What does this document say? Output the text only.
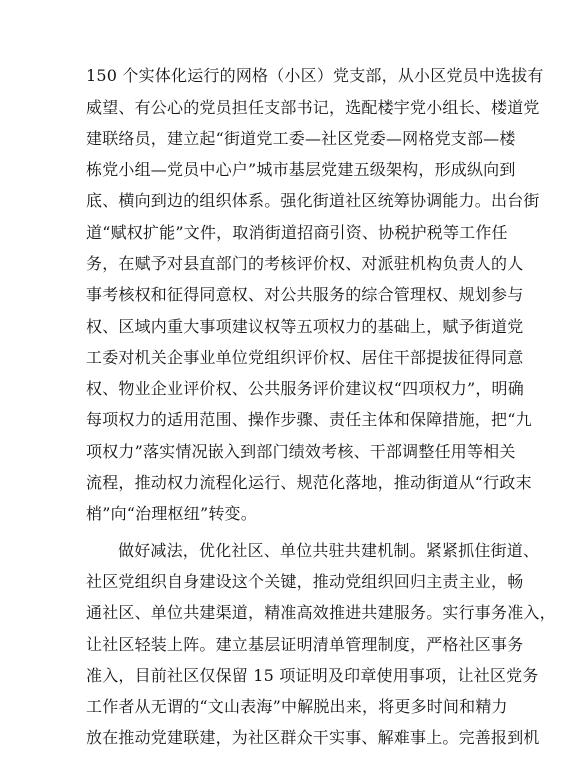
150 个实体化运行的网格（小区）党支部，从小区党员中选拔有
威望、有公心的党员担任支部书记，选配楼宇党小组长、楼道党
建联络员，建立起“街道党工委—社区党委—网格党支部—楼
栋党小组—党员中心户”城市基层党建五级架构，形成纵向到
底、横向到边的组织体系。强化街道社区统筹协调能力。出台街
道“赋权扩能”文件，取消街道招商引资、协税护税等工作任
务，在赋予对县直部门的考核评价权、对派驻机构负责人的人
事考核权和征得同意权、对公共服务的综合管理权、规划参与
权、区域内重大事项建议权等五项权力的基础上，赋予街道党
工委对机关企事业单位党组织评价权、居住干部提拔征得同意
权、物业企业评价权、公共服务评价建议权“四项权力”，明确
每项权力的适用范围、操作步骤、责任主体和保障措施，把“九
项权力”落实情况嵌入到部门绩效考核、干部调整任用等相关
流程，推动权力流程化运行、规范化落地，推动街道从“行政末
梢”向“治理枢纽”转变。
做好减法，优化社区、单位共驻共建机制。紧紧抓住街道、
社区党组织自身建设这个关键，推动党组织回归主责主业，畅
通社区、单位共建渠道，精准高效推进共建服务。实行事务准入，
让社区轻装上阵。建立基层证明清单管理制度，严格社区事务
准入，目前社区仅保留 15 项证明及印章使用事项，让社区党务
工作者从无谓的“文山表海”中解脱出来，将更多时间和精力
放在推动党建联建，为社区群众干实事、解难事上。完善报到机
